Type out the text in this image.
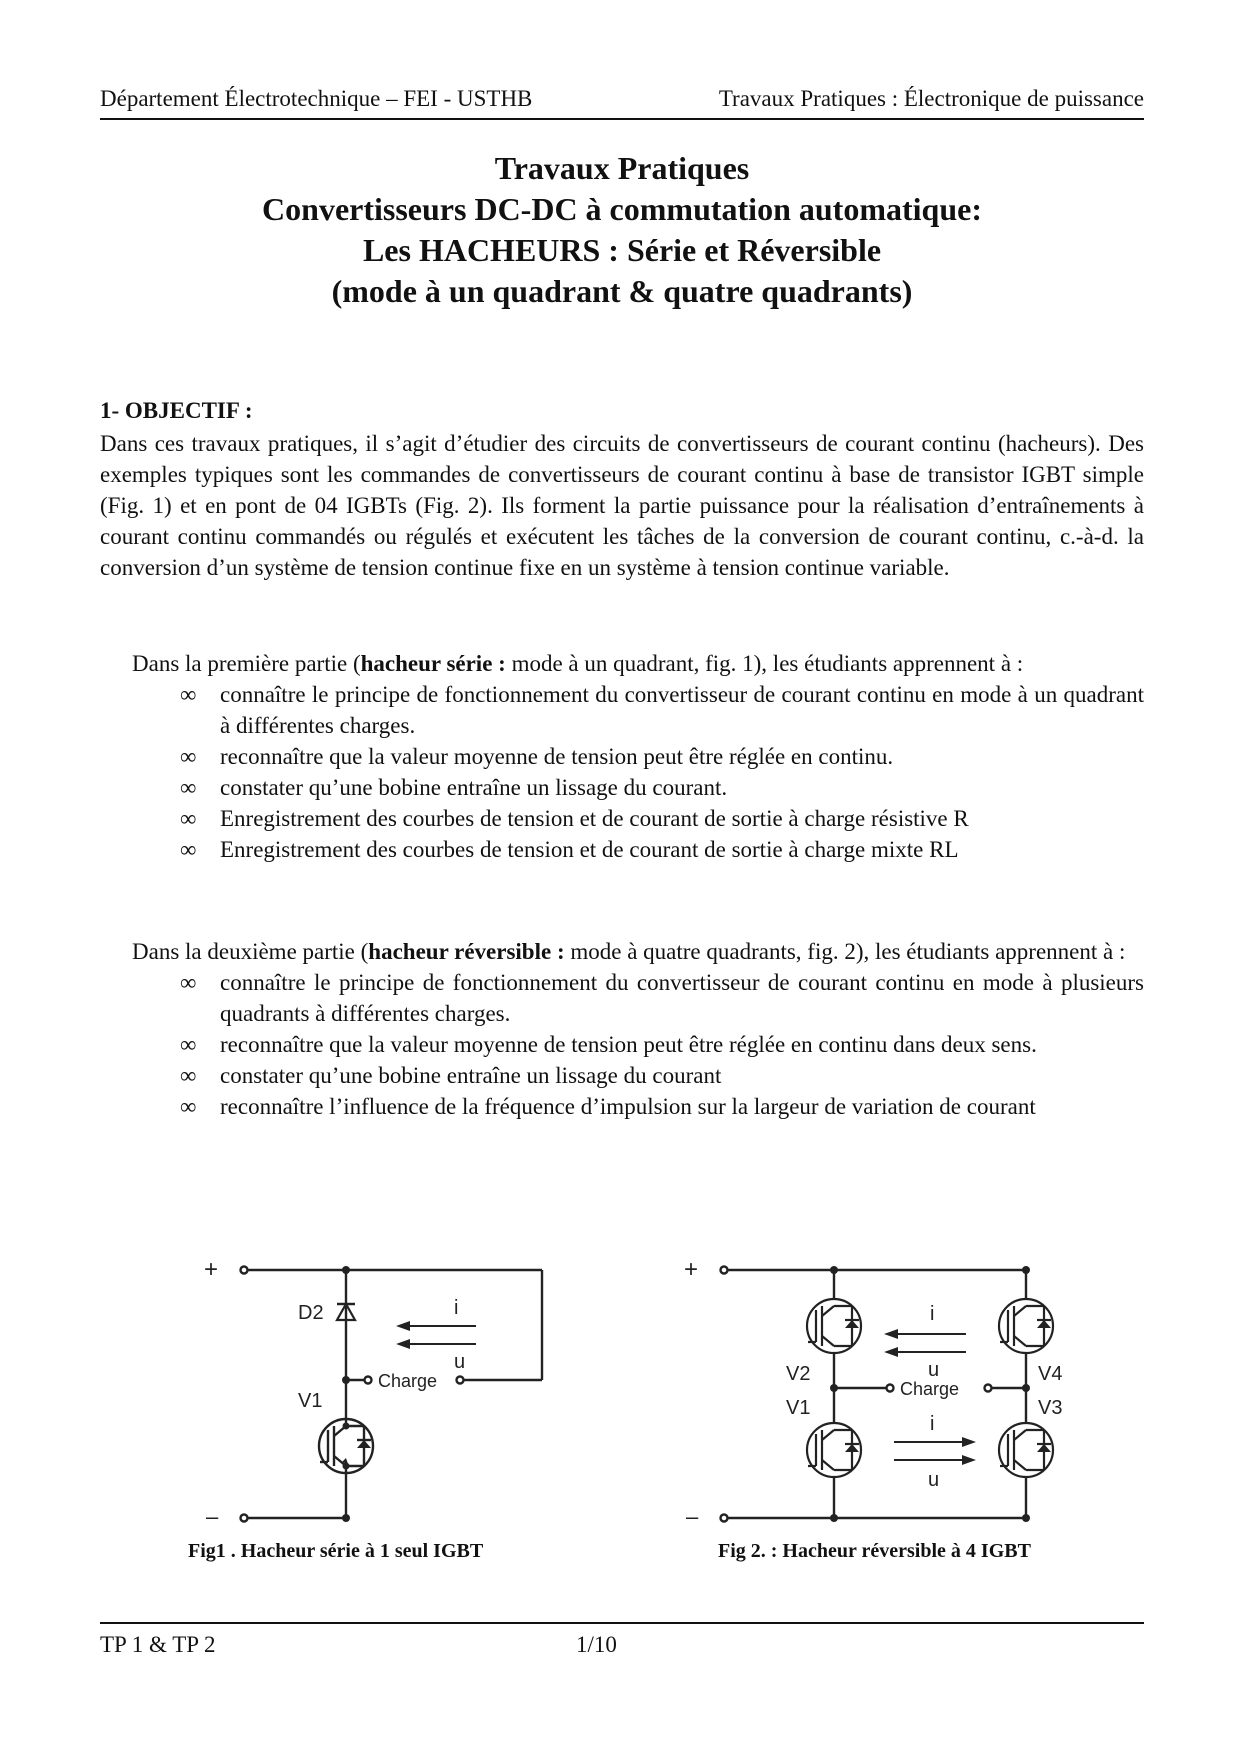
Département Électrotechnique – FEI - USTHB	Travaux Pratiques : Électronique de puissance
Travaux Pratiques
Convertisseurs DC-DC à commutation automatique:
Les HACHEURS : Série et Réversible
(mode à un quadrant & quatre quadrants)
1- OBJECTIF :
Dans ces travaux pratiques, il s’agit d’étudier des circuits de convertisseurs de courant continu (hacheurs). Des exemples typiques sont les commandes de convertisseurs de courant continu à base de transistor IGBT simple (Fig. 1) et en pont de 04 IGBTs (Fig. 2). Ils forment la partie puissance pour la réalisation d’entraînements à courant continu commandés ou régulés et exécutent les tâches de la conversion de courant continu, c.-à-d. la conversion d’un système de tension continue fixe en un système à tension continue variable.

Dans la première partie (hacheur série : mode à un quadrant, fig. 1), les étudiants apprennent à :

∞ connaître le principe de fonctionnement du convertisseur de courant continu en mode à un quadrant à différentes charges.
∞ reconnaître que la valeur moyenne de tension peut être réglée en continu.
∞ constater qu’une bobine entraîne un lissage du courant.
∞ Enregistrement des courbes de tension et de courant de sortie à charge résistive R
∞ Enregistrement des courbes de tension et de courant de sortie à charge mixte RL

Dans la deuxième partie (hacheur réversible : mode à quatre quadrants, fig. 2), les étudiants apprennent à :

∞ connaître le principe de fonctionnement du convertisseur de courant continu en mode à plusieurs quadrants à différentes charges.
∞ reconnaître que la valeur moyenne de tension peut être réglée en continu dans deux sens.
∞ constater qu’une bobine entraîne un lissage du courant
∞ reconnaître l’influence de la fréquence d’impulsion sur la largeur de variation de courant
+
–
D2
V1
i
u
Charge
+
–
V2
V1
V4
V3
i
u
Charge
i
u
Fig1 . Hacheur série à 1 seul IGBT	Fig 2. : Hacheur réversible à 4 IGBT
TP 1 & TP 2	1/10
